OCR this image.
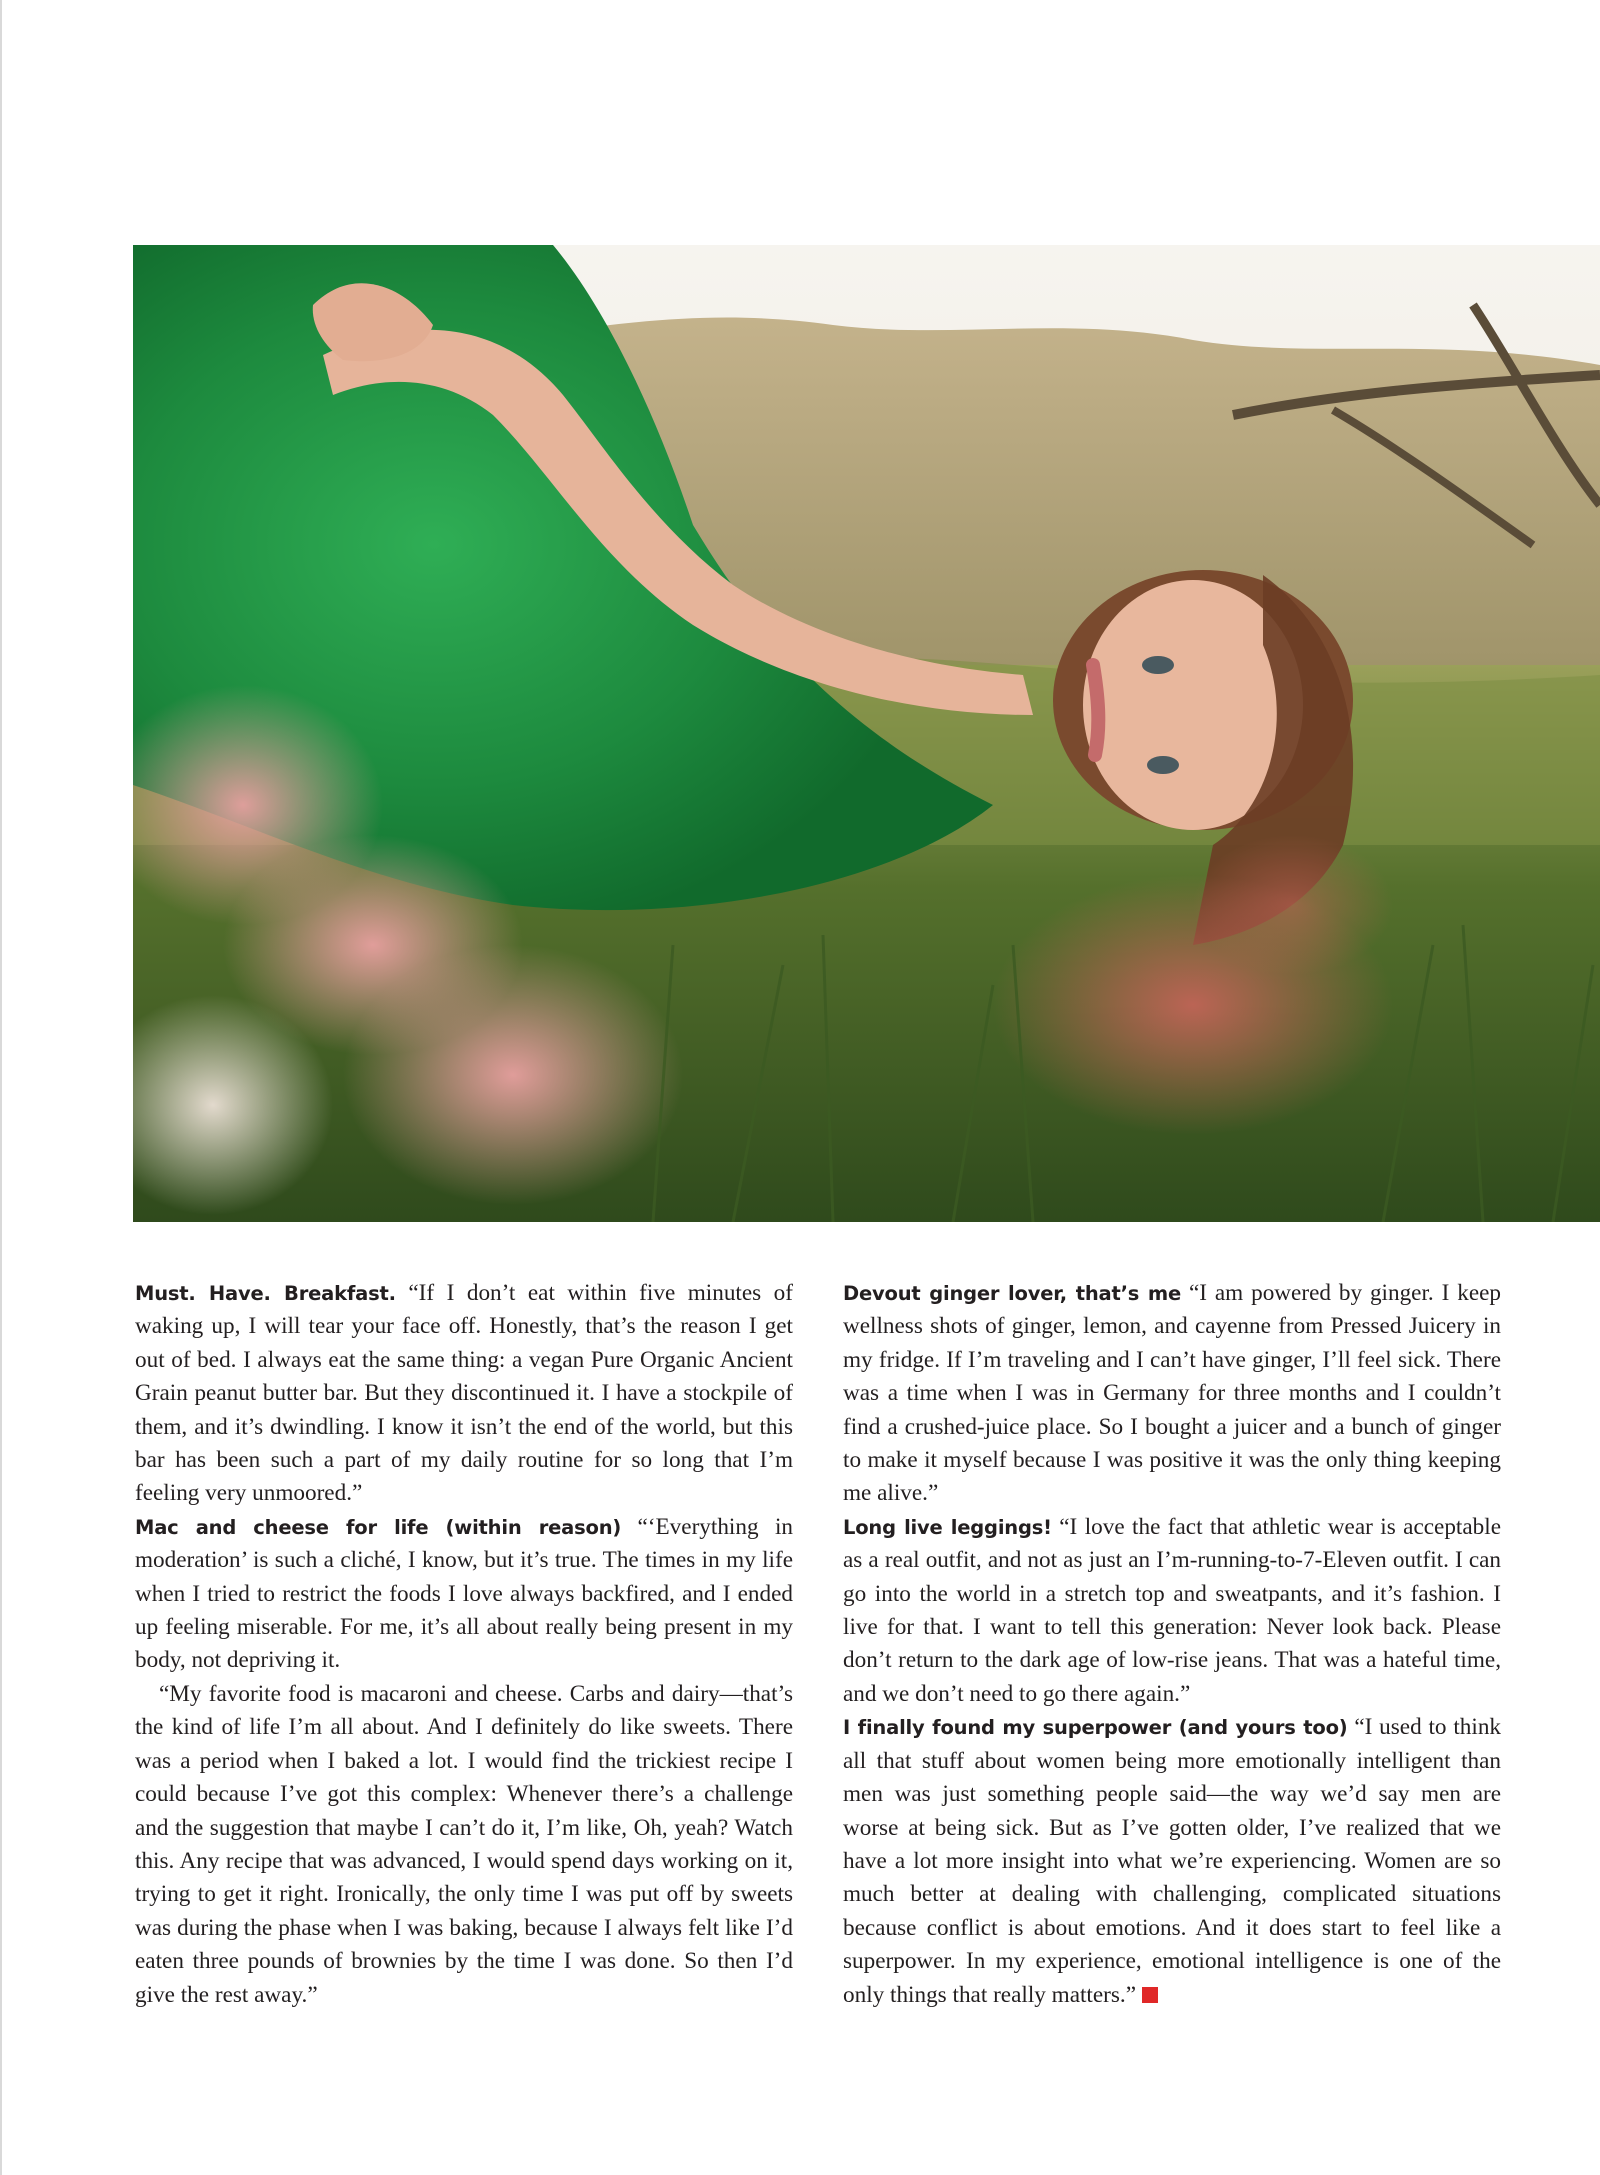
Must. Have. Breakfast. “If I don’t eat within five minutes of waking up, I will tear your face off. Honestly, that’s the reason I get out of bed. I always eat the same thing: a vegan Pure Organic Ancient Grain peanut butter bar. But they discontinued it. I have a stockpile of them, and it’s dwindling. I know it isn’t the end of the world, but this bar has been such a part of my daily routine for so long that I’m feeling very unmoored.”

Mac and cheese for life (within reason) “‘Everything in moderation’ is such a cliché, I know, but it’s true. The times in my life when I tried to restrict the foods I love always backfired, and I ended up feeling miserable. For me, it’s all about really being present in my body, not depriving it.

“My favorite food is macaroni and cheese. Carbs and dairy—that’s the kind of life I’m all about. And I definitely do like sweets. There was a period when I baked a lot. I would find the trickiest recipe I could because I’ve got this complex: Whenever there’s a challenge and the suggestion that maybe I can’t do it, I’m like, Oh, yeah? Watch this. Any recipe that was advanced, I would spend days working on it, trying to get it right. Ironically, the only time I was put off by sweets was during the phase when I was baking, because I always felt like I’d eaten three pounds of brownies by the time I was done. So then I’d give the rest away.”

Devout ginger lover, that’s me “I am powered by ginger. I keep wellness shots of ginger, lemon, and cayenne from Pressed Juicery in my fridge. If I’m traveling and I can’t have ginger, I’ll feel sick. There was a time when I was in Germany for three months and I couldn’t find a crushed-juice place. So I bought a juicer and a bunch of ginger to make it myself because I was positive it was the only thing keeping me alive.”

Long live leggings! “I love the fact that athletic wear is acceptable as a real outfit, and not as just an I’m-running-to-7-Eleven outfit. I can go into the world in a stretch top and sweatpants, and it’s fashion. I live for that. I want to tell this generation: Never look back. Please don’t return to the dark age of low-rise jeans. That was a hateful time, and we don’t need to go there again.”

I finally found my superpower (and yours too) “I used to think all that stuff about women being more emotionally intelligent than men was just something people said—the way we’d say men are worse at being sick. But as I’ve gotten older, I’ve realized that we have a lot more insight into what we’re experiencing. Women are so much better at dealing with challenging, complicated situations because conflict is about emotions. And it does start to feel like a superpower. In my experience, emotional intelligence is one of the only things that really matters.”
